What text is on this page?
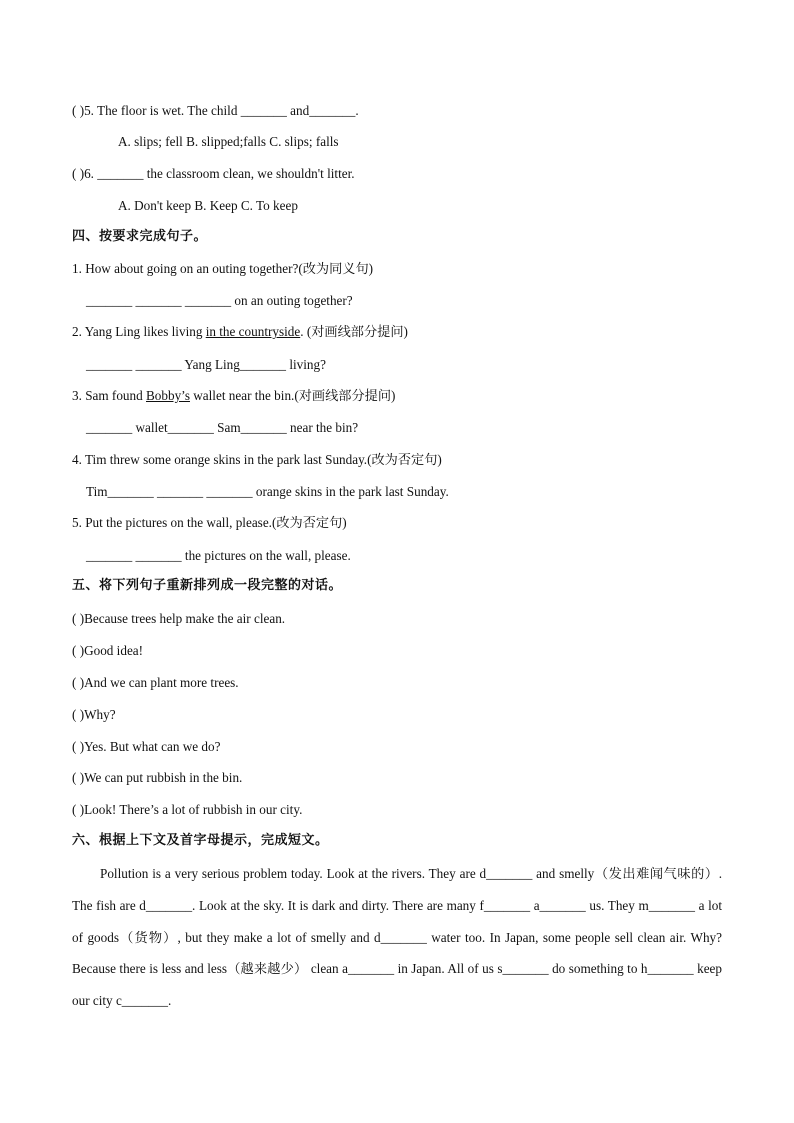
( )5. The floor is wet. The child _______ and_______.
A. slips; fell B. slipped;falls C. slips; falls
( )6. _______ the classroom clean, we shouldn't litter.
A. Don't keep B. Keep C. To keep
四、按要求完成句子。
1. How about going on an outing together?(改为同义句)
_______ _______ _______ on an outing together?
2. Yang Ling likes living in the countryside. (对画线部分提问)
_______ _______ Yang Ling_______ living?
3. Sam found Bobby’s wallet near the bin.(对画线部分提问)
_______ wallet_______ Sam_______ near the bin?
4. Tim threw some orange skins in the park last Sunday.(改为否定句)
Tim_______ _______ _______ orange skins in the park last Sunday.
5. Put the pictures on the wall, please.(改为否定句)
_______ _______ the pictures on the wall, please.
五、将下列句子重新排列成一段完整的对话。
( )Because trees help make the air clean.
( )Good idea!
( )And we can plant more trees.
( )Why?
( )Yes. But what can we do?
( )We can put rubbish in the bin.
( )Look! There’s a lot of rubbish in our city.
六、根据上下文及首字母提示，完成短文。
Pollution is a very serious problem today. Look at the rivers. They are d_______ and smelly（发出难闻气味的）. The fish are d_______. Look at the sky. It is dark and dirty. There are many f_______ a_______ us. They m_______ a lot of goods（货物）, but they make a lot of smelly and d_______ water too. In Japan, some people sell clean air. Why? Because there is less and less（越来越少） clean a_______ in Japan. All of us s_______ do something to h_______ keep our city c_______.
